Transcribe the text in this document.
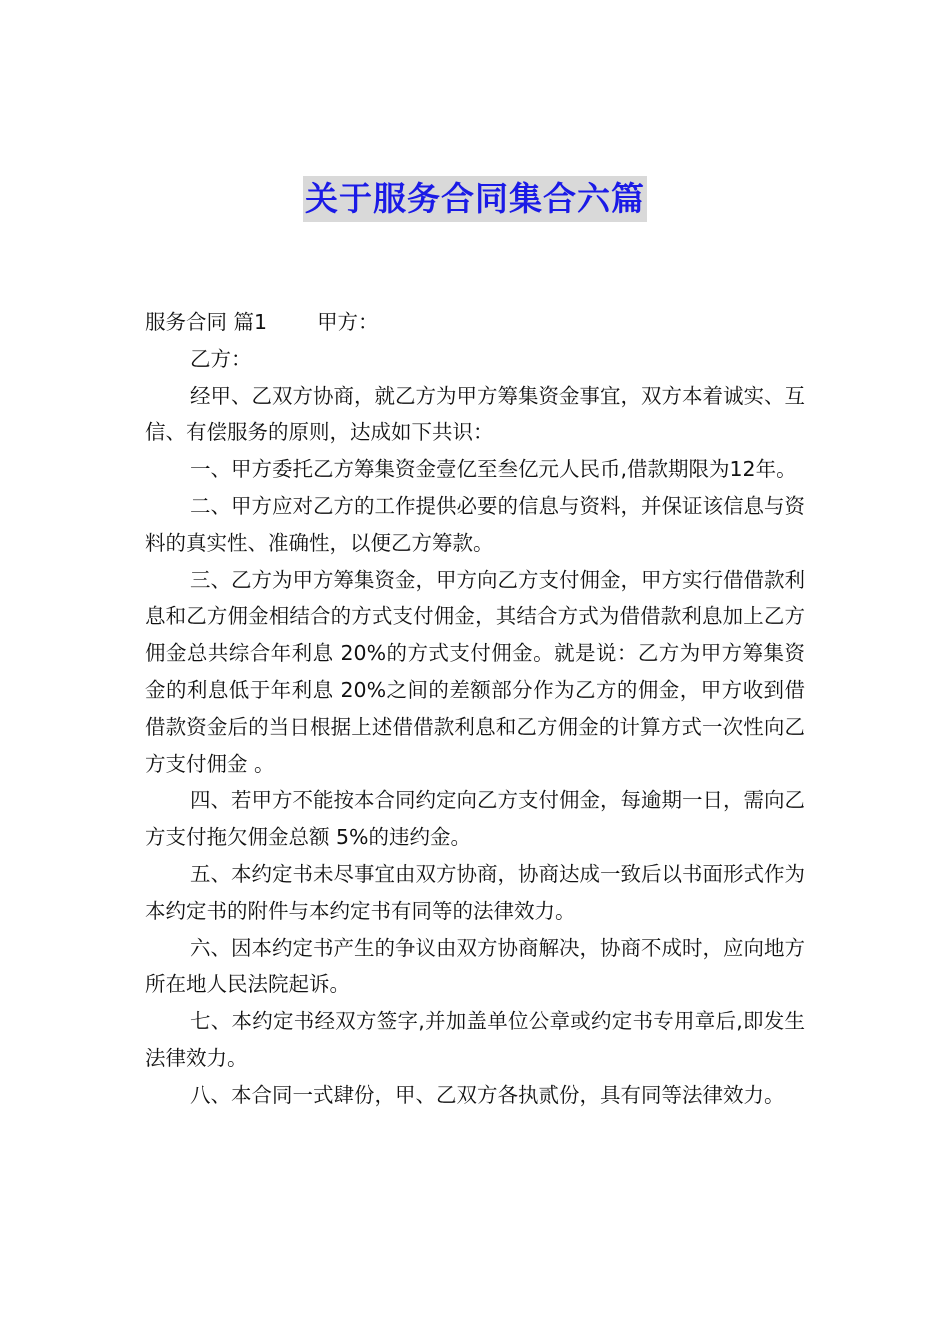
关于服务合同集合六篇

服务合同 篇1 甲方：

乙方：

经甲、乙双方协商，就乙方为甲方筹集资金事宜，双方本着诚实、互信、有偿服务的原则，达成如下共识：

一、甲方委托乙方筹集资金壹亿至叁亿元人民币,借款期限为12年。

二、甲方应对乙方的工作提供必要的信息与资料，并保证该信息与资料的真实性、准确性，以便乙方筹款。

三、乙方为甲方筹集资金，甲方向乙方支付佣金，甲方实行借借款利息和乙方佣金相结合的方式支付佣金，其结合方式为借借款利息加上乙方佣金总共综合年利息 20%的方式支付佣金。就是说：乙方为甲方筹集资金的利息低于年利息 20%之间的差额部分作为乙方的佣金，甲方收到借借款资金后的当日根据上述借借款利息和乙方佣金的计算方式一次性向乙方支付佣金 。

四、若甲方不能按本合同约定向乙方支付佣金，每逾期一日，需向乙方支付拖欠佣金总额 5%的违约金。

五、本约定书未尽事宜由双方协商，协商达成一致后以书面形式作为本约定书的附件与本约定书有同等的法律效力。

六、因本约定书产生的争议由双方协商解决，协商不成时，应向地方所在地人民法院起诉。

七、本约定书经双方签字,并加盖单位公章或约定书专用章后,即发生法律效力。

八、本合同一式肆份，甲、乙双方各执贰份，具有同等法律效力。
